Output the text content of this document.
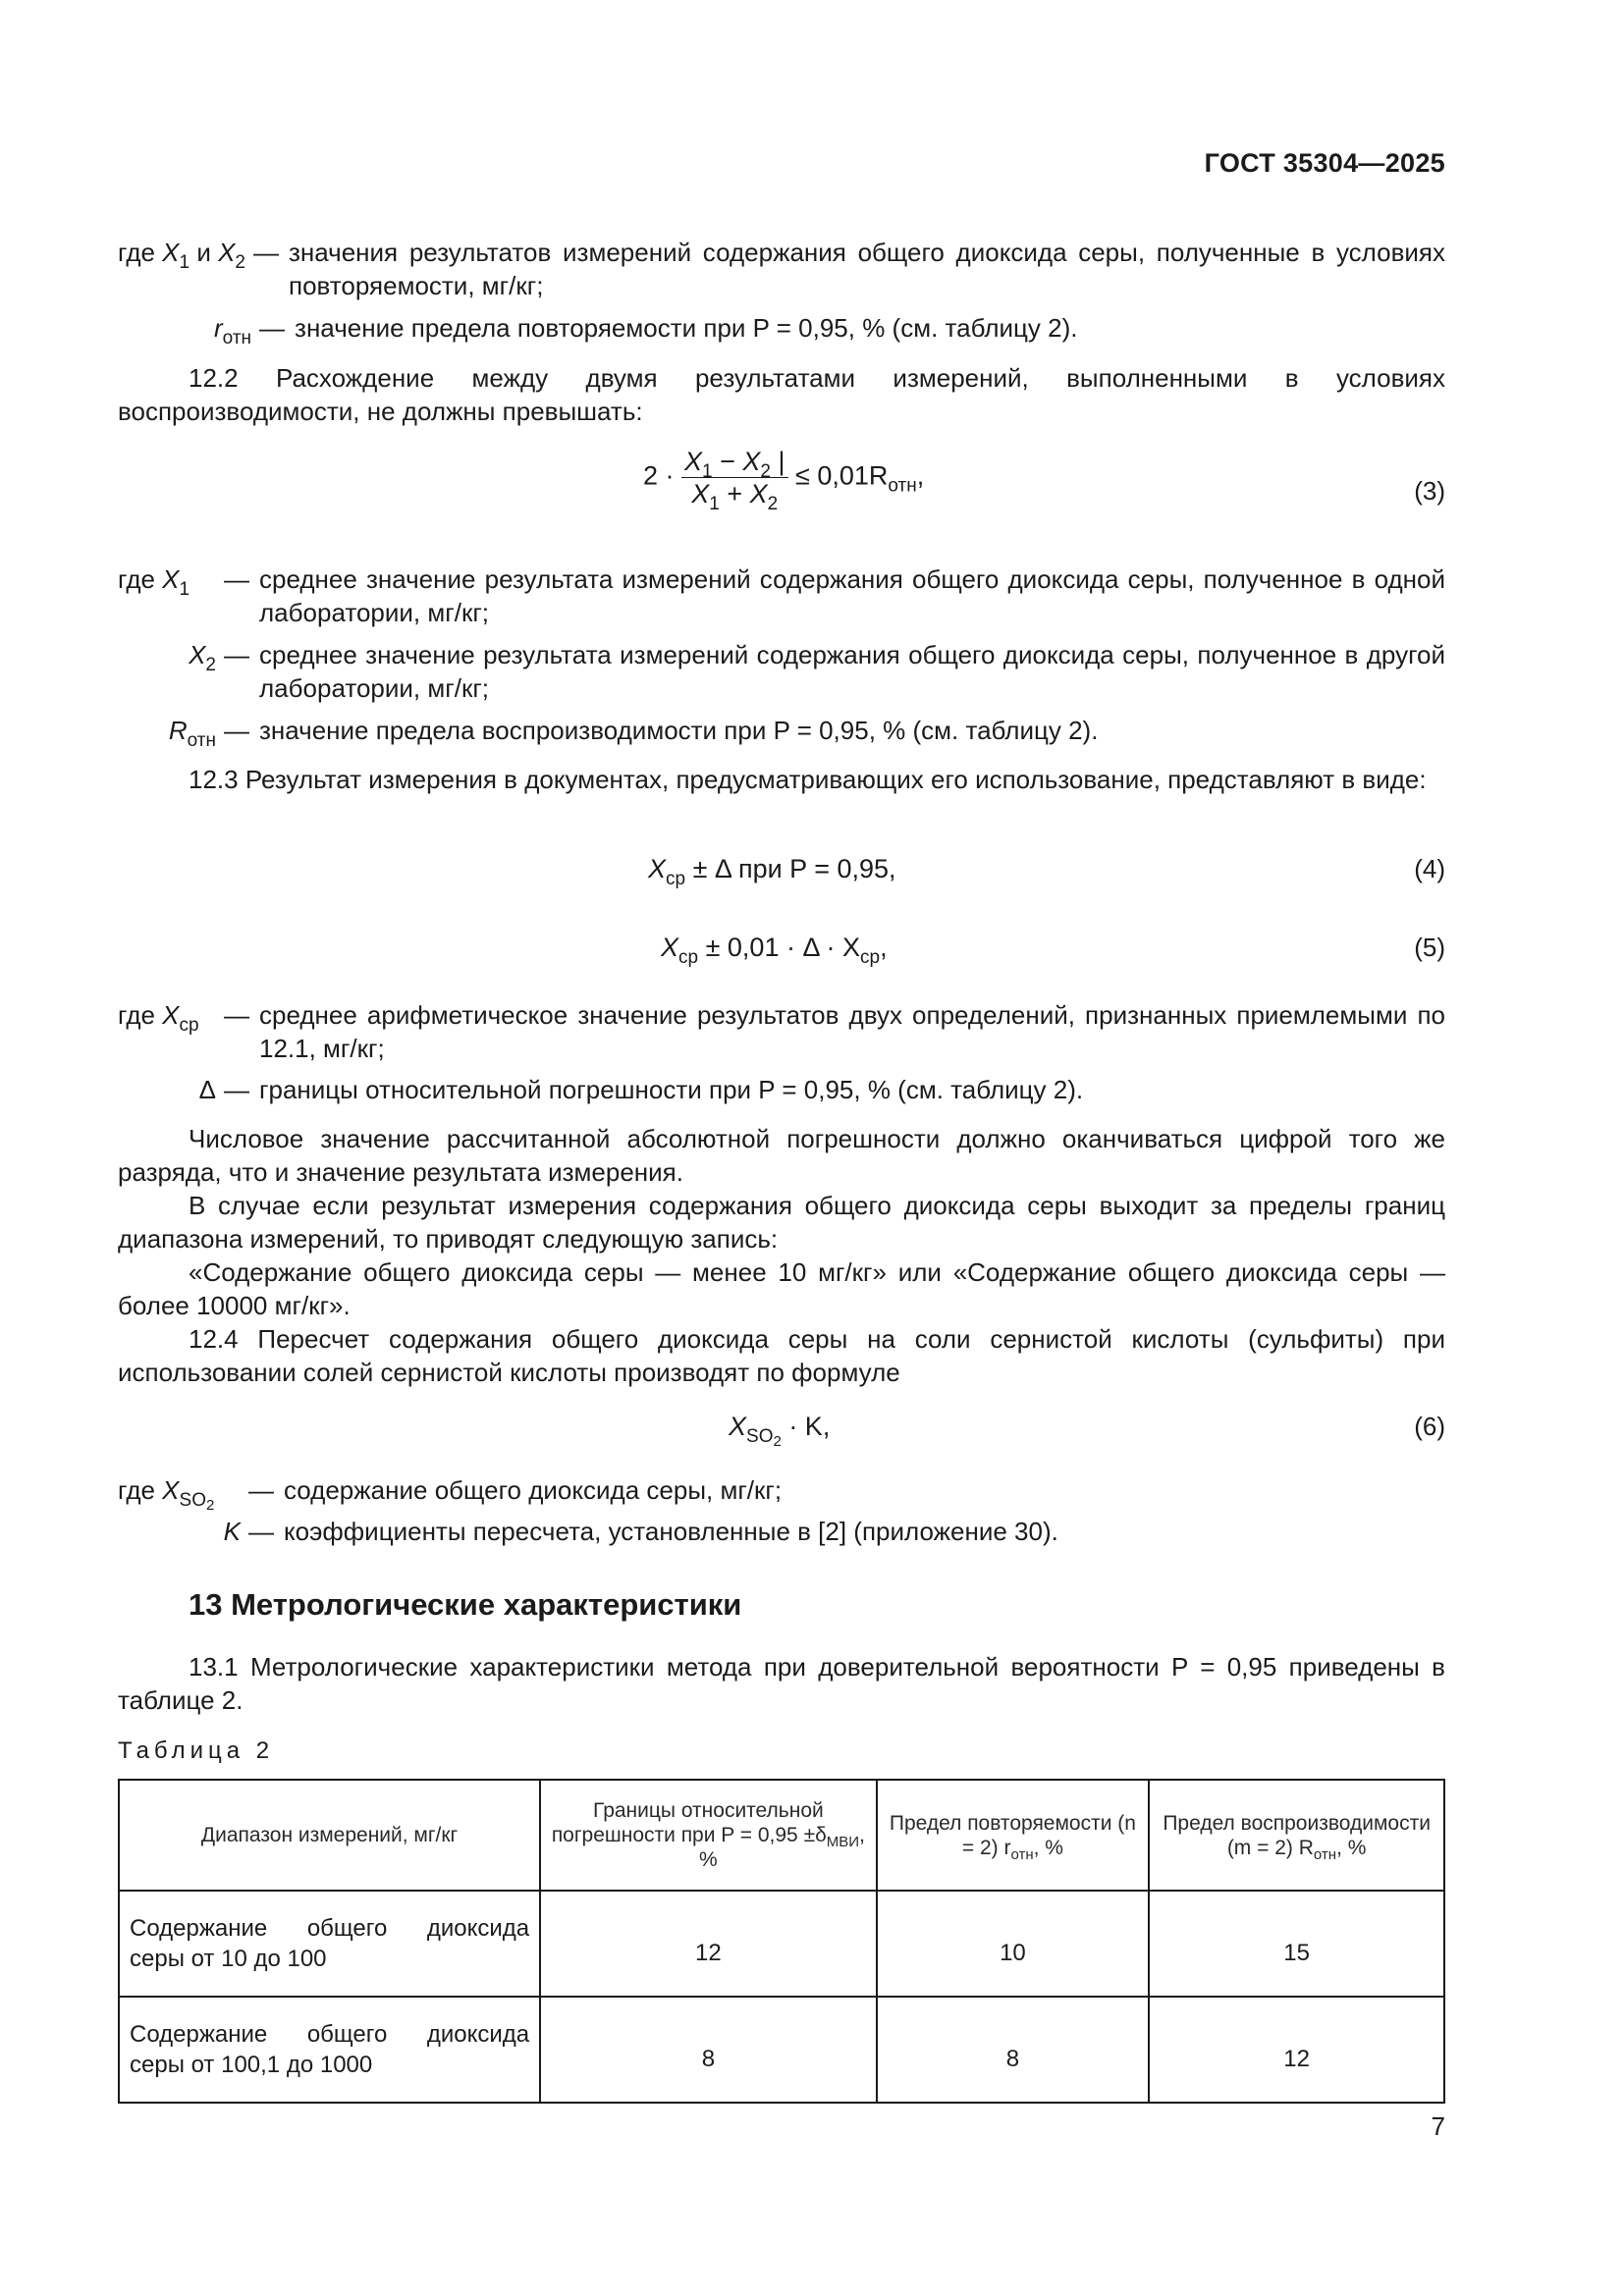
ГОСТ 35304—2025
где $X_1$ и $X_2$ — значения результатов измерений содержания общего диоксида серы, полученные в условиях повторяемости, мг/кг;
$r_{отн}$ — значение предела повторяемости при P = 0,95, % (см. таблицу 2).
12.2 Расхождение между двумя результатами измерений, выполненными в условиях воспроизводимости, не должны превышать:
$2 \cdot \frac{X_1 - X_2 |}{X_1 + X_2} \le 0,01R_{отн}$,
(3)
где $X_1$	— среднее значение результата измерений содержания общего диоксида серы, полученное в одной лаборатории, мг/кг;
$X_2$ — среднее значение результата измерений содержания общего диоксида серы, полученное в другой лаборатории, мг/кг;
$R_{отн}$ — значение предела воспроизводимости при P = 0,95, % (см. таблицу 2).
12.3 Результат измерения в документах, предусматривающих его использование, представляют в виде:
$X_{ср} \pm \Delta$ при P = 0,95,	(4)
$X_{ср} \pm 0,01 \cdot \Delta \cdot X_{ср}$,	(5)
где $X_{ср}$ — среднее арифметическое значение результатов двух определений, признанных приемлемыми по 12.1, мг/кг;
Δ — границы относительной погрешности при P = 0,95, % (см. таблицу 2).
Числовое значение рассчитанной абсолютной погрешности должно оканчиваться цифрой того же разряда, что и значение результата измерения.
В случае если результат измерения содержания общего диоксида серы выходит за пределы границ диапазона измерений, то приводят следующую запись:
«Содержание общего диоксида серы — менее 10 мг/кг» или «Содержание общего диоксида серы — более 10000 мг/кг».
12.4 Пересчет содержания общего диоксида серы на соли сернистой кислоты (сульфиты) при использовании солей сернистой кислоты производят по формуле
$X_{SO_2} \cdot K$,	(6)
где $X_{SO_2}$
— содержание общего диоксида серы, мг/кг;
K — коэффициенты пересчета, установленные в [2] (приложение 30).
13 Метрологические характеристики
13.1 Метрологические характеристики метода при доверительной вероятности P = 0,95 приведены в таблице 2.
Таблица 2
Диапазон измерений, мг/кг	Границы относительной погрешности при $P = 0,95 \pm\delta_{МВИ}$, %	Предел повторяемости (n = 2) $r_{отн}$, %	Предел воспроизводимости (m = 2) $R_{отн}$, %
Содержание общего диоксида
серы от 10 до 100	12	10	15
Содержание общего диоксида
серы от 100,1 до 1000	8	8	12
7
